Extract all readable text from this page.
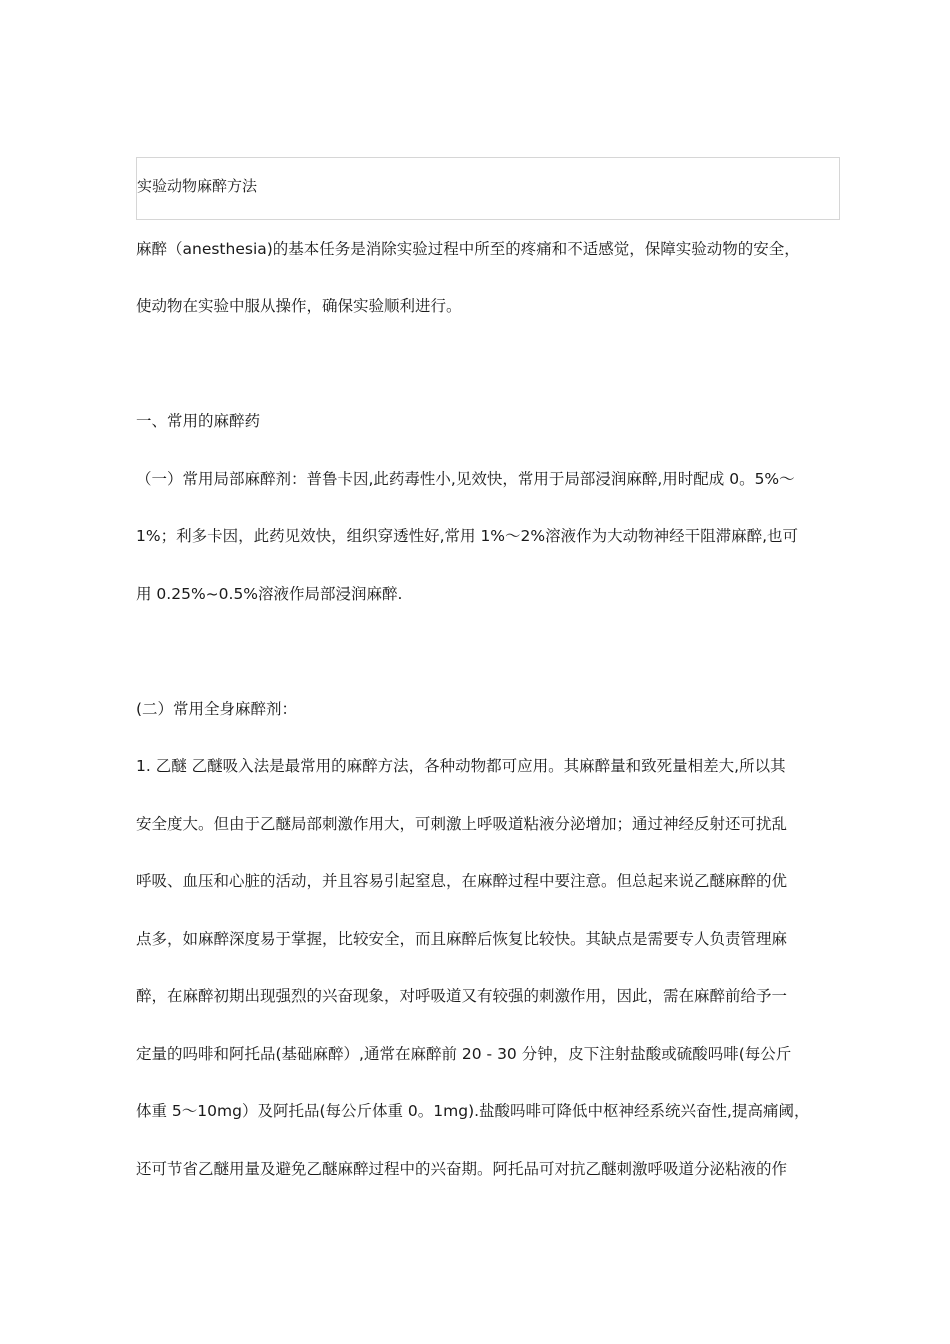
实验动物麻醉方法
麻醉（anesthesia)的基本任务是消除实验过程中所至的疼痛和不适感觉，保障实验动物的安全，
使动物在实验中服从操作，确保实验顺利进行。
一、常用的麻醉药
（一）常用局部麻醉剂：普鲁卡因,此药毒性小,见效快，常用于局部浸润麻醉,用时配成 0。5%～
1%；利多卡因，此药见效快，组织穿透性好,常用 1%～2%溶液作为大动物神经干阻滞麻醉,也可
用 0.25%~0.5%溶液作局部浸润麻醉.
(二）常用全身麻醉剂：
1. 乙醚 乙醚吸入法是最常用的麻醉方法，各种动物都可应用。其麻醉量和致死量相差大,所以其
安全度大。但由于乙醚局部刺激作用大，可刺激上呼吸道粘液分泌增加；通过神经反射还可扰乱
呼吸、血压和心脏的活动，并且容易引起窒息，在麻醉过程中要注意。但总起来说乙醚麻醉的优
点多，如麻醉深度易于掌握，比较安全，而且麻醉后恢复比较快。其缺点是需要专人负责管理麻
醉，在麻醉初期出现强烈的兴奋现象，对呼吸道又有较强的刺激作用，因此，需在麻醉前给予一
定量的吗啡和阿托品(基础麻醉）,通常在麻醉前 20 - 30 分钟，皮下注射盐酸或硫酸吗啡(每公斤
体重 5～10mg）及阿托品(每公斤体重 0。1mg).盐酸吗啡可降低中枢神经系统兴奋性,提高痛阈，
还可节省乙醚用量及避免乙醚麻醉过程中的兴奋期。阿托品可对抗乙醚刺激呼吸道分泌粘液的作
